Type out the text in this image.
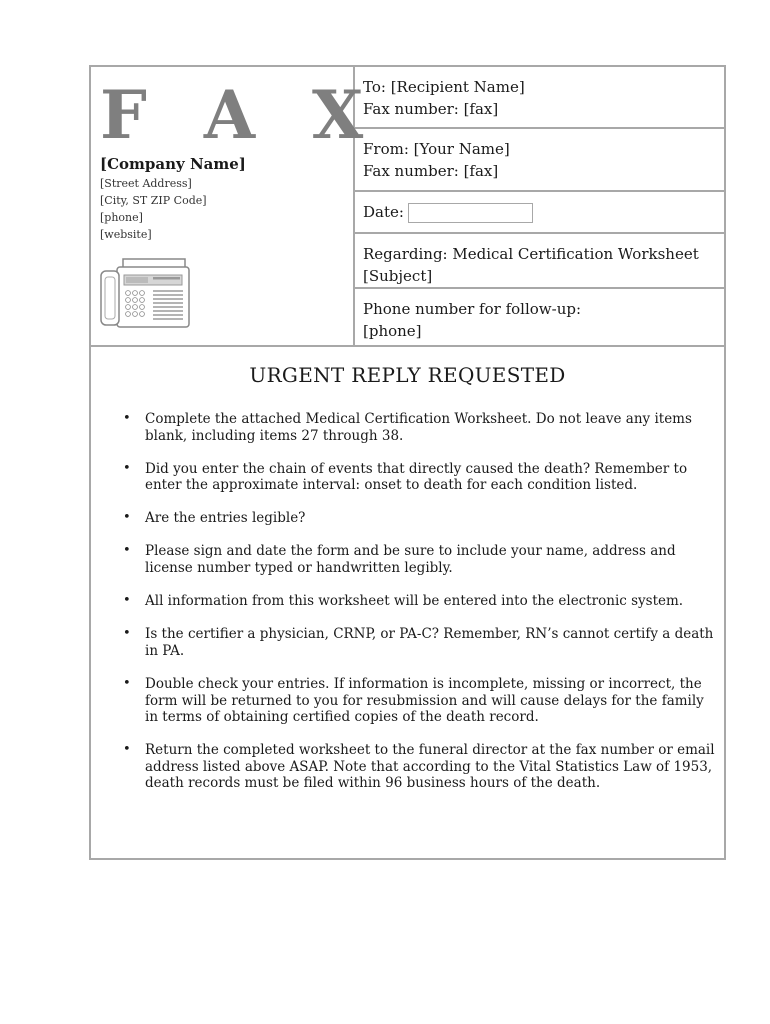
F A X
[Company Name]
[Street Address]
[City, ST ZIP Code]
[phone]
[website]
To: [Recipient Name]
Fax number: [fax]
From: [Your Name]
Fax number: [fax]
Date:
Regarding: Medical Certification Worksheet
[Subject]
Phone number for follow-up:
[phone]
URGENT REPLY REQUESTED
• Complete the attached Medical Certification Worksheet. Do not leave any items blank, including items 27 through 38.
• Did you enter the chain of events that directly caused the death? Remember to enter the approximate interval: onset to death for each condition listed.
• Are the entries legible?
• Please sign and date the form and be sure to include your name, address and license number typed or handwritten legibly.
• All information from this worksheet will be entered into the electronic system.
• Is the certifier a physician, CRNP, or PA-C? Remember, RN’s cannot certify a death in PA.
• Double check your entries. If information is incomplete, missing or incorrect, the form will be returned to you for resubmission and will cause delays for the family in terms of obtaining certified copies of the death record.
• Return the completed worksheet to the funeral director at the fax number or email address listed above ASAP. Note that according to the Vital Statistics Law of 1953, death records must be filed within 96 business hours of the death.
